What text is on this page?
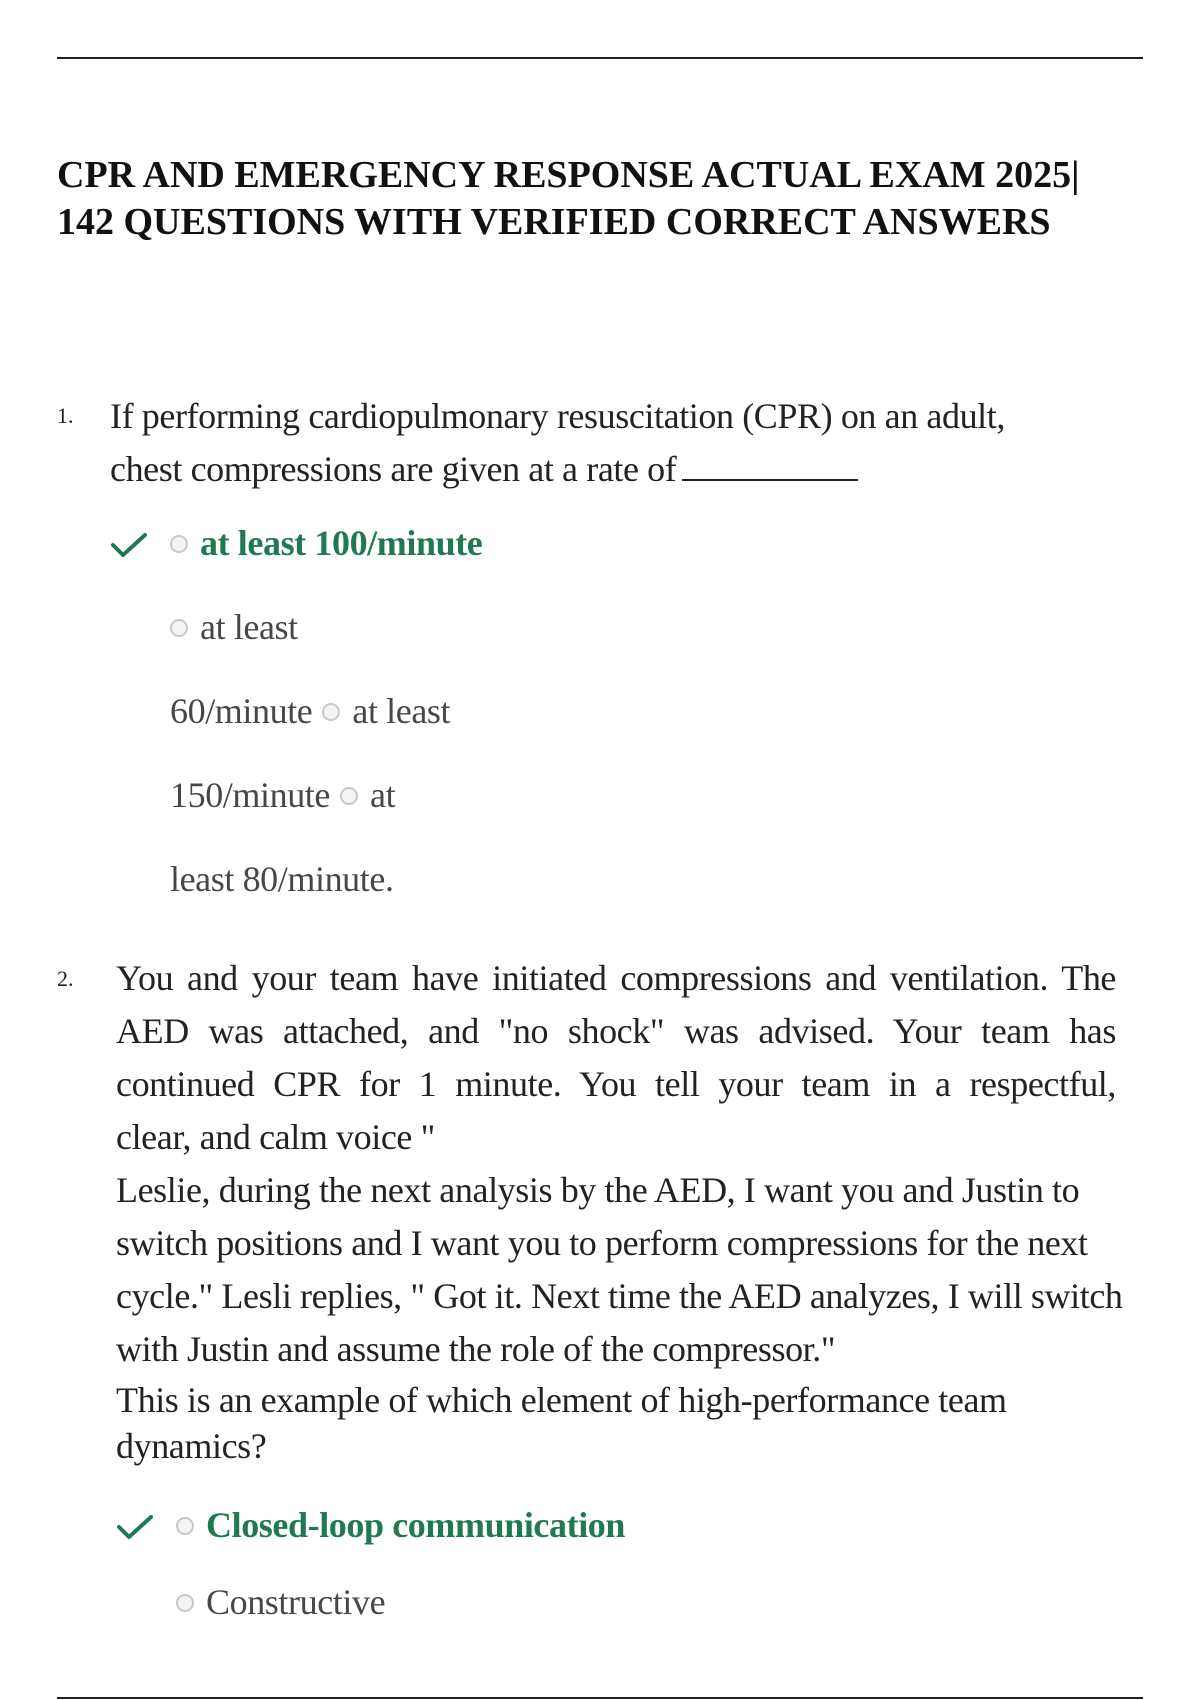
CPR AND EMERGENCY RESPONSE ACTUAL EXAM 2025|
142 QUESTIONS WITH VERIFIED CORRECT ANSWERS
1. If performing cardiopulmonary resuscitation (CPR) on an adult,
chest compressions are given at a rate of
at least 100/minute
at least
60/minute at least
150/minute at
least 80/minute.
2. You and your team have initiated compressions and ventilation. The
AED was attached, and "no shock" was advised. Your team has
continued CPR for 1 minute. You tell your team in a respectful,
clear, and calm voice "
Leslie, during the next analysis by the AED, I want you and Justin to
switch positions and I want you to perform compressions for the next
cycle." Lesli replies, " Got it. Next time the AED analyzes, I will switch
with Justin and assume the role of the compressor."
This is an example of which element of high-performance team
dynamics?
Closed-loop communication
Constructive
